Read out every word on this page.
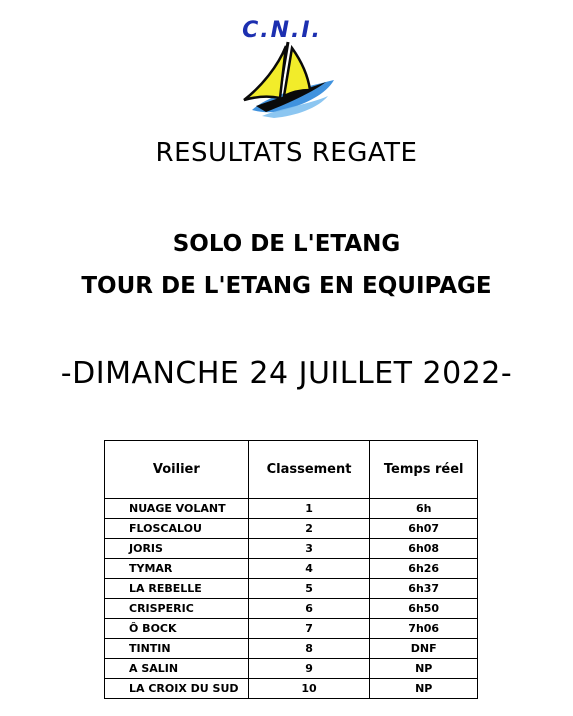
C.N.I.
RESULTATS REGATE
SOLO DE L'ETANG
TOUR DE L'ETANG EN EQUIPAGE
-DIMANCHE 24 JUILLET 2022-
Voilier	Classement	Temps réel
NUAGE VOLANT	1	6h
FLOSCALOU	2	6h07
JORIS	3	6h08
TYMAR	4	6h26
LA REBELLE	5	6h37
CRISPERIC	6	6h50
Ô BOCK	7	7h06
TINTIN	8	DNF
A SALIN	9	NP
LA CROIX DU SUD	10	NP
